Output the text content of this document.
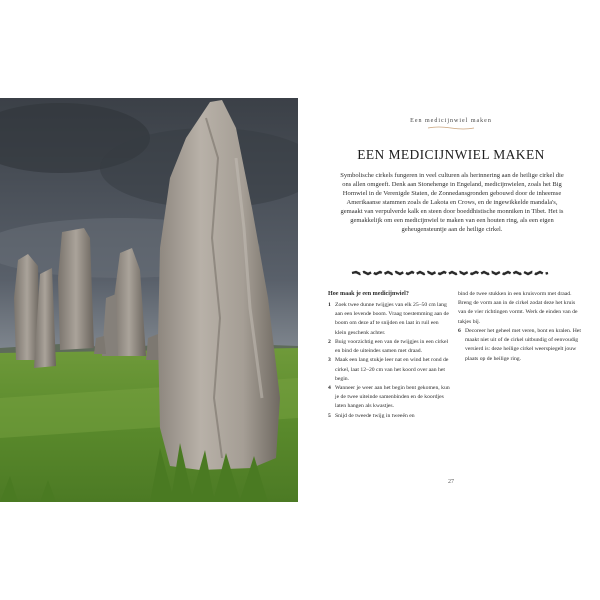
Een medicijnwiel maken
EEN MEDICIJNWIEL MAKEN

Symbolische cirkels fungeren in veel culturen als herinnering aan de heilige cirkel die ons allen omgeeft. Denk aan Stonehenge in Engeland, medicijnwielen, zoals het Big Hornwiel in de Verenigde Staten, de Zonnedansgronden gebouwd door de inheemse Amerikaanse stammen zoals de Lakota en Crows, en de ingewikkelde mandala's, gemaakt van verpulverde kalk en steen door boeddhistische monniken in Tibet. Het is gemakkelijk om een medicijnwiel te maken van een houten ring, als een eigen geheugensteuntje aan de heilige cirkel.

Hoe maak je een medicijnwiel?
1 Zoek twee dunne twijgjes van elk 25–50 cm lang aan een levende boom. Vraag toestemming aan de boom om deze af te snijden en laat in ruil een klein geschenk achter.
2 Buig voorzichtig een van de twijgjes in een cirkel en bind de uiteindes samen met draad.
3 Maak een lang stukje leer nat en wind het rond de cirkel, laat 12–20 cm van het koord over aan het begin.
4 Wanneer je weer aan het begin bent gekomen, kun je de twee uiteinde samenbinden en de koordjes laten hangen als kwastjes.
5 Snijd de tweede twijg in tweeën en

bind de twee stukken in een kruisvorm met draad. Breng de vorm aan in de cirkel zodat deze het kruis van de vier richtingen vormt. Werk de einden van de takjes bij.

6 Decoreer het geheel met veren, bont en kralen. Het maakt niet uit of de cirkel uitbundig of eenvoudig versierd is: deze heilige cirkel weerspiegelt jouw plaats op de heilige ring.
27
